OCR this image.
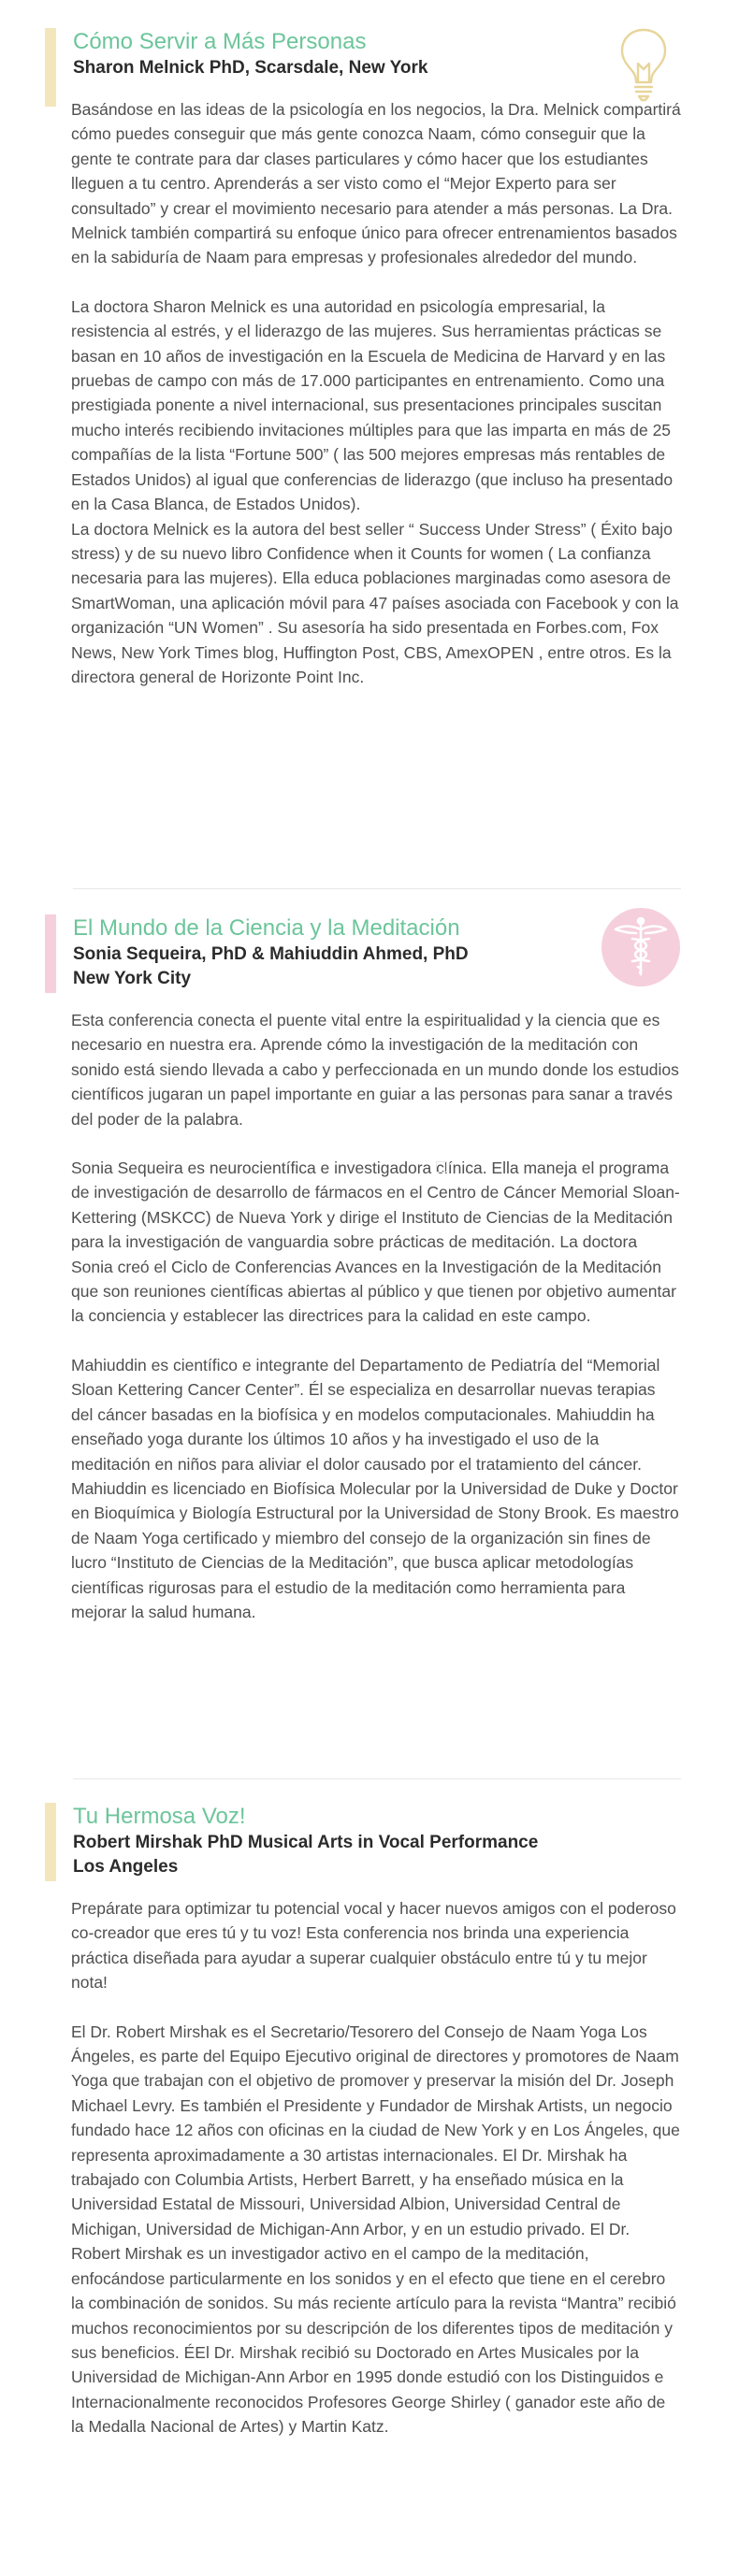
Cómo Servir a Más Personas
Sharon Melnick PhD, Scarsdale, New York

Basándose en las ideas de la psicología en los negocios, la Dra. Melnick compartirá cómo puedes conseguir que más gente conozca Naam, cómo conseguir que la gente te contrate para dar clases particulares y cómo hacer que los estudiantes lleguen a tu centro. Aprenderás a ser visto como el “Mejor Experto para ser consultado” y crear el movimiento necesario para atender a más personas. La Dra. Melnick también compartirá su enfoque único para ofrecer entrenamientos basados en la sabiduría de Naam para empresas y profesionales alrededor del mundo.

La doctora Sharon Melnick es una autoridad en psicología empresarial, la resistencia al estrés, y el liderazgo de las mujeres. Sus herramientas prácticas se basan en 10 años de investigación en la Escuela de Medicina de Harvard y en las pruebas de campo con más de 17.000 participantes en entrenamiento. Como una prestigiada ponente a nivel internacional, sus presentaciones principales suscitan mucho interés recibiendo invitaciones múltiples para que las imparta en más de 25 compañías de la lista “Fortune 500” ( las 500 mejores empresas más rentables de Estados Unidos) al igual que conferencias de liderazgo (que incluso ha presentado en la Casa Blanca, de Estados Unidos).
La doctora Melnick es la autora del best seller “ Success Under Stress” ( Éxito bajo stress) y de su nuevo libro Confidence when it Counts for women ( La confianza necesaria para las mujeres). Ella educa poblaciones marginadas como asesora de SmartWoman, una aplicación móvil para 47 países asociada con Facebook y con la organización “UN Women” . Su asesoría ha sido presentada en Forbes.com, Fox News, New York Times blog, Huffington Post, CBS, AmexOPEN , entre otros. Es la directora general de Horizonte Point Inc.

El Mundo de la Ciencia y la Meditación
Sonia Sequeira, PhD & Mahiuddin Ahmed, PhD
New York City

Esta conferencia conecta el puente vital entre la espiritualidad y la ciencia que es necesario en nuestra era. Aprende cómo la investigación de la meditación con sonido está siendo llevada a cabo y perfeccionada en un mundo donde los estudios científicos jugaran un papel importante en guiar a las personas para sanar a través del poder de la palabra.

Sonia Sequeira es neurocientífica e investigadora clínica. Ella maneja el programa de investigación de desarrollo de fármacos en el Centro de Cáncer Memorial Sloan-Kettering (MSKCC) de Nueva York y dirige el Instituto de Ciencias de la Meditación para la investigación de vanguardia sobre prácticas de meditación. La doctora Sonia creó el Ciclo de Conferencias Avances en la Investigación de la Meditación que son reuniones científicas abiertas al público y que tienen por objetivo aumentar la conciencia y establecer las directrices para la calidad en este campo.

Mahiuddin es científico e integrante del Departamento de Pediatría del “Memorial Sloan Kettering Cancer Center”. Él se especializa en desarrollar nuevas terapias del cáncer basadas en la biofísica y en modelos computacionales. Mahiuddin ha enseñado yoga durante los últimos 10 años y ha investigado el uso de la meditación en niños para aliviar el dolor causado por el tratamiento del cáncer. Mahiuddin es licenciado en Biofísica Molecular por la Universidad de Duke y Doctor en Bioquímica y Biología Estructural por la Universidad de Stony Brook. Es maestro de Naam Yoga certificado y miembro del consejo de la organización sin fines de lucro “Instituto de Ciencias de la Meditación”, que busca aplicar metodologías científicas rigurosas para el estudio de la meditación como herramienta para mejorar la salud humana.

Tu Hermosa Voz!
Robert Mirshak PhD Musical Arts in Vocal Performance
Los Angeles

Prepárate para optimizar tu potencial vocal y hacer nuevos amigos con el poderoso co-creador que eres tú y tu voz! Esta conferencia nos brinda una experiencia práctica diseñada para ayudar a superar cualquier obstáculo entre tú y tu mejor nota!

El Dr. Robert Mirshak es el Secretario/Tesorero del Consejo de Naam Yoga Los Ángeles, es parte del Equipo Ejecutivo original de directores y promotores de Naam Yoga que trabajan con el objetivo de promover y preservar la misión del Dr. Joseph Michael Levry. Es también el Presidente y Fundador de Mirshak Artists, un negocio fundado hace 12 años con oficinas en la ciudad de New York y en Los Ángeles, que representa aproximadamente a 30 artistas internacionales. El Dr. Mirshak ha trabajado con Columbia Artists, Herbert Barrett, y ha enseñado música en la Universidad Estatal de Missouri, Universidad Albion, Universidad Central de Michigan, Universidad de Michigan-Ann Arbor, y en un estudio privado. El Dr. Robert Mirshak es un investigador activo en el campo de la meditación, enfocándose particularmente en los sonidos y en el efecto que tiene en el cerebro la combinación de sonidos. Su más reciente artículo para la revista “Mantra” recibió muchos reconocimientos por su descripción de los diferentes tipos de meditación y sus beneficios. ÉEl Dr. Mirshak recibió su Doctorado en Artes Musicales por la Universidad de Michigan-Ann Arbor en 1995 donde estudió con los Distinguidos e Internacionalmente reconocidos Profesores George Shirley ( ganador este año de la Medalla Nacional de Artes) y Martin Katz.
